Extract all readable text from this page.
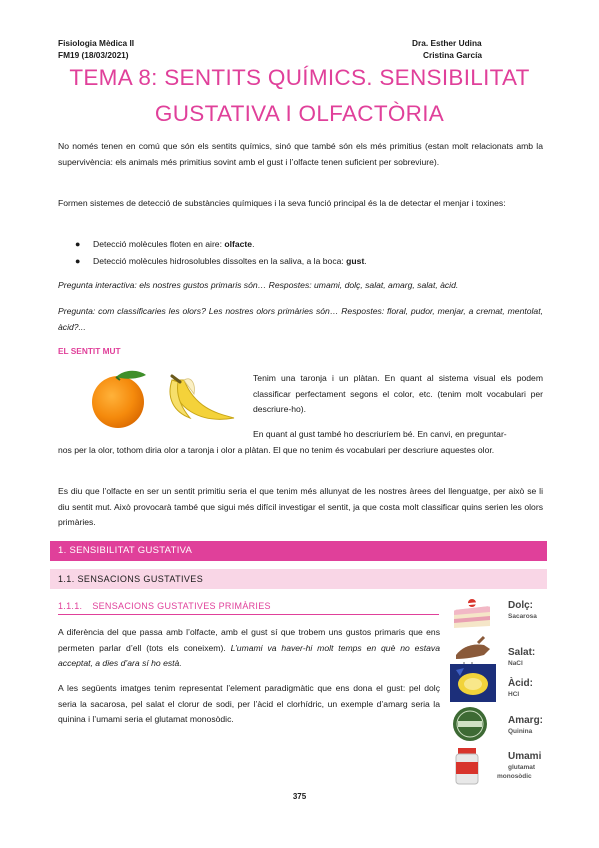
Fisiologia Mèdica II
FM19 (18/03/2021)
Dra. Esther Udina
Cristina García
TEMA 8: SENTITS QUÍMICS. SENSIBILITAT
GUSTATIVA I OLFACTÒRIA
No només tenen en comú que són els sentits químics, sinó que també són els més primitius (estan molt relacionats amb la supervivència: els animals més primitius sovint amb el gust i l’olfacte tenen suficient per sobreviure).
Formen sistemes de detecció de substàncies químiques i la seva funció principal és la de detectar el menjar i toxines:
● Detecció molècules floten en aire: olfacte.
● Detecció molècules hidrosolubles dissoltes en la saliva, a la boca: gust.
Pregunta interactiva: els nostres gustos primaris són… Respostes: umami, dolç, salat, amarg, salat, àcid.
Pregunta: com classificaries les olors? Les nostres olors primàries són… Respostes: floral, pudor, menjar, a cremat, mentolat, àcid?...
EL SENTIT MUT
Tenim una taronja i un plàtan. En quant al sistema visual els podem classificar perfectament segons el color, etc. (tenim molt vocabulari per descriure-ho).
En quant al gust també ho descriuríem bé. En canvi, en preguntar-
nos per la olor, tothom diria olor a taronja i olor a plàtan. El que no tenim és vocabulari per descriure aquestes olor.
Es diu que l’olfacte en ser un sentit primitiu seria el que tenim més allunyat de les nostres àrees del llenguatge, per això se li diu sentit mut. Això provocarà també que sigui més difícil investigar el sentit, ja que costa molt classificar quins serien les olors primàries.
1. SENSIBILITAT GUSTATIVA
1.1. SENSACIONS GUSTATIVES
1.1.1. SENSACIONS GUSTATIVES PRIMÀRIES
A diferència del que passa amb l’olfacte, amb el gust sí que trobem uns gustos primaris que ens permeten parlar d’ell (tots els coneixem). L’umami va haver-hi molt temps en què no estava acceptat, a dies d’ara sí ho està.
A les següents imatges tenim representat l’element paradigmàtic que ens dona el gust: pel dolç seria la sacarosa, pel salat el clorur de sodi, per l’àcid el clorhídric, un exemple d’amarg seria la quinina i l’umami seria el glutamat monosòdic.
Dolç:
Sacarosa
Salat:
NaCl
Àcid:
HCl
Amarg:
Quinina
Umami
glutamat
monosòdic
375
